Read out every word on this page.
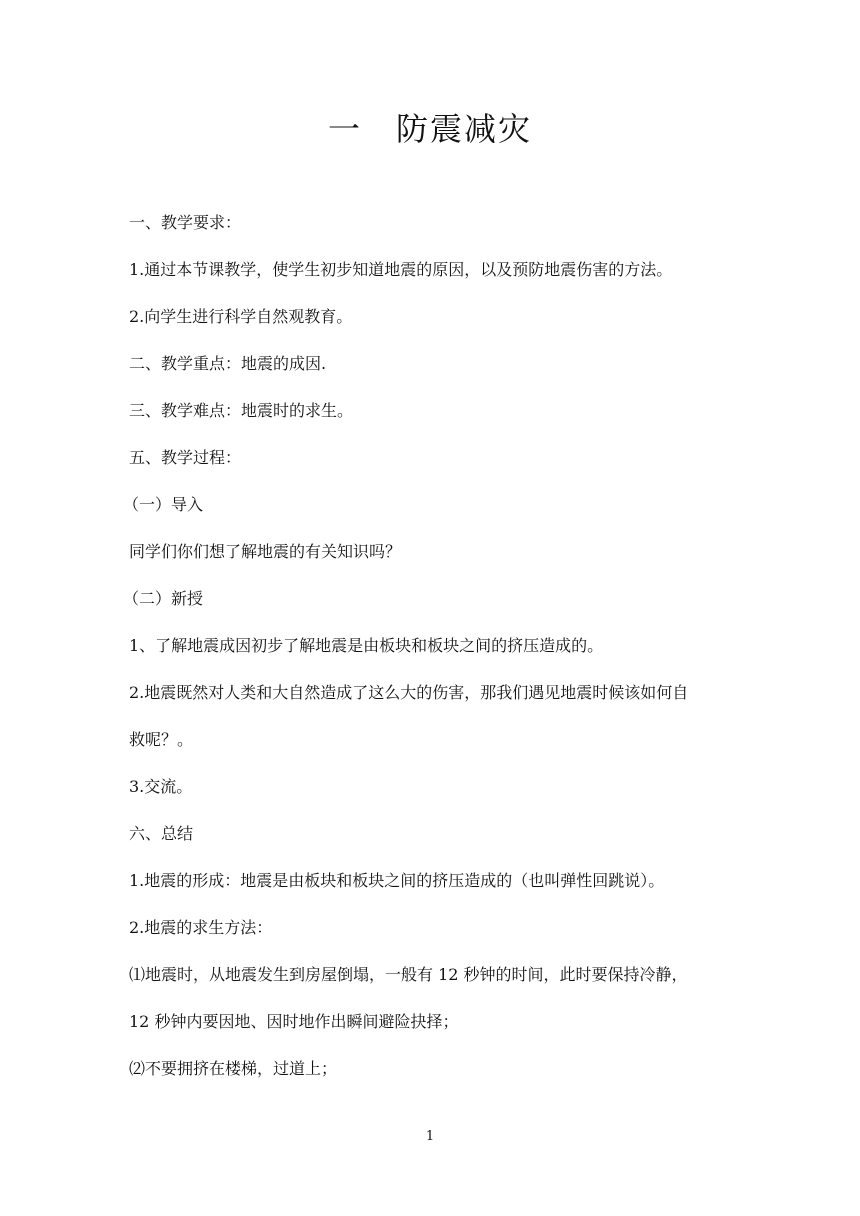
一　防震减灾
一、教学要求：
1.通过本节课教学，使学生初步知道地震的原因，以及预防地震伤害的方法。
2.向学生进行科学自然观教育。
二、教学重点：地震的成因.
三、教学难点：地震时的求生。
五、教学过程：
（一）导入
同学们你们想了解地震的有关知识吗？
（二）新授
1、了解地震成因初步了解地震是由板块和板块之间的挤压造成的。
2.地震既然对人类和大自然造成了这么大的伤害，那我们遇见地震时候该如何自
救呢？。
3.交流。
六、总结
1.地震的形成：地震是由板块和板块之间的挤压造成的（也叫弹性回跳说）。
2.地震的求生方法：
⑴地震时，从地震发生到房屋倒塌，一般有 12 秒钟的时间，此时要保持冷静，
12 秒钟内要因地、因时地作出瞬间避险抉择；
⑵不要拥挤在楼梯，过道上；
1
